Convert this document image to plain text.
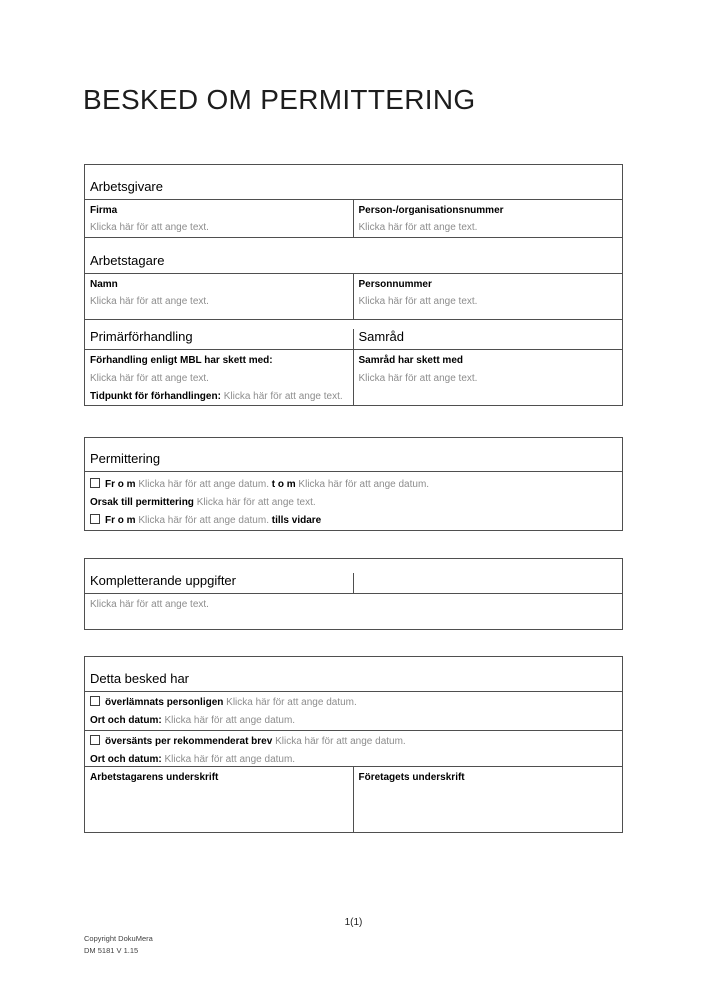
BESKED OM PERMITTERING
Arbetsgivare
Firma
Klicka här för att ange text.
Person-/organisationsnummer
Klicka här för att ange text.
Arbetstagare
Namn
Klicka här för att ange text.
Personnummer
Klicka här för att ange text.
Primärförhandling	Samråd
Förhandling enligt MBL har skett med:
Klicka här för att ange text.
Tidpunkt för förhandlingen: Klicka här för att ange text.
Samråd har skett med
Klicka här för att ange text.
Permittering
Fr o m Klicka här för att ange datum. t o m Klicka här för att ange datum.
Orsak till permittering Klicka här för att ange text.
Fr o m Klicka här för att ange datum. tills vidare
Kompletterande uppgifter
Klicka här för att ange text.
Detta besked har
överlämnats personligen Klicka här för att ange datum.
Ort och datum: Klicka här för att ange datum.
översänts per rekommenderat brev Klicka här för att ange datum.
Ort och datum: Klicka här för att ange datum.
Arbetstagarens underskrift	Företagets underskrift
1(1)
Copyright DokuMera
DM 5181 V 1.15
